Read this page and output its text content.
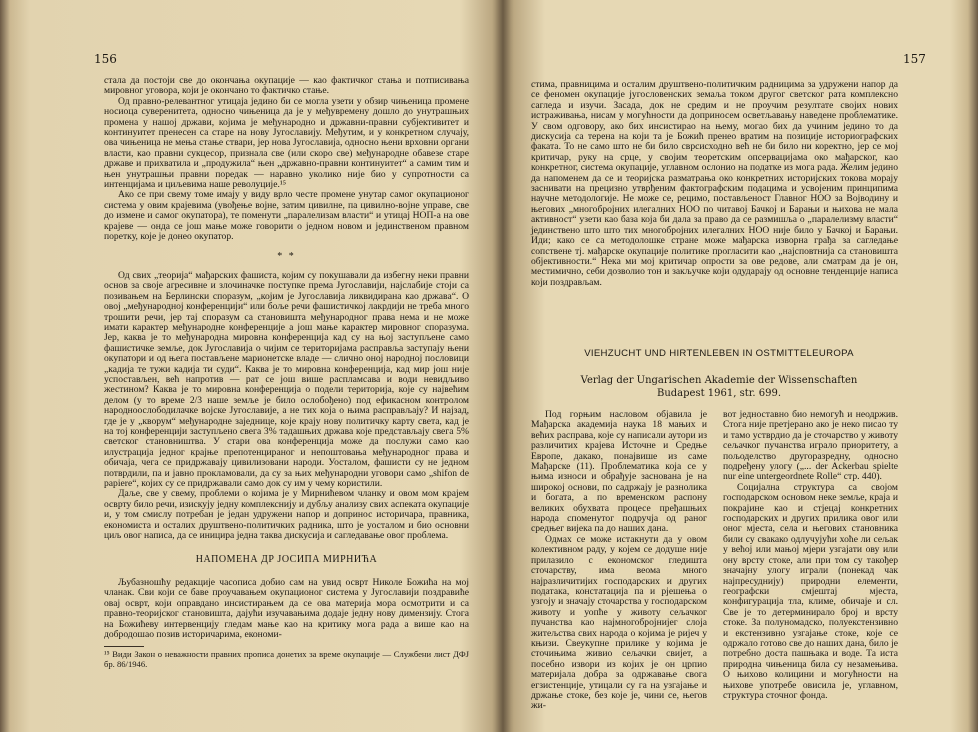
156

стала да постоји све до окончања окупације — као фактичког стања и потписивања мировног уговора, који је окончано то фактичко стање.

Од правно-релевантног утицаја једино би се могла узети у обзир чињеница промене носиоца суверенитета, односно чињеница да је у међувремену дошло до унутрашњих промена у нашој држави, којима је међународно и државни-правни субјективитет и континуитет пренесен са старе на нову Југославију. Међутим, и у конкретном случају, ова чињеница не мења стање ствари, јер нова Југославија, односно њени врховни органи власти, као правни сукцесор, признала све (или скоро све) међународне обавезе старе државе и прихватила и „продужила“ њен „државно-правни континуитет“ а самим тим и њен унутрашњи правни поредак — наравно уколико није био у супротности са интенцијама и циљевима наше револуције.¹⁵

Ако се при свему томе имају у виду врло честе промене унутар самог окупационог система у овим крајевима (увођење војне, затим цивилне, па цивилно-војне управе, све до измене и самог окупатора), те поменути „паралелизам власти“ и утицај НОП-а на ове крајеве — онда се још мање може говорити о једном новом и јединственом правном поретку, које је донео окупатор.

* *

Од свих „теорија“ мађарских фашиста, којим су покушавали да избегну неки правни основ за своје агресивне и злочиначке поступке према Југославији, најслабије стоји са позивањем на Берлински споразум, „којим је Југославија ликвидирана као држава“. О овој „међународној конференцији“ или боље речи фашистичкој лакрдији не треба много трошити речи, јер тај споразум са становишта међународног права нема и не може имати карактер међународне конференције а још мање карактер мировног споразума. Јер, каква је то међународна мировна конференција кад су на њој заступљене само фашистичке земље, док Југославија о чијим се територијама расправља заступају њени окупатори и од њега постављене марионетске владе — слично оној народној пословици „кадија те тужи кадија ти суди“. Каква је то мировна конференција, кад мир још није успостављен, већ напротив — рат се још више распламсава и води невидљиво жестином? Каква је то мировна конференција о подели територија, које су највећим делом (у то време 2/3 наше земље је било ослобођено) под ефикасном контролом народноослободилачке војске Југославије, а не тих која о њима расправљају? И најзад, где је у „кворум“ међународне заједнице, које крају нову политичку карту света, кад је на тој конференцији заступљено свега 3% тадашњих држава које представљају свега 5% светског становништва. У стари ова конференција може да послужи само као илустрација једног крајње препотенцираног и непоштовања међународног права и обичаја, чега се придржавају цивилизовани народи. Уосталом, фашисти су не једном потврдили, па и јавно прокламовали, да су за њих међународни уговори само „shifon de papiere“, којих су се придржавали само док су им у чему користили.

Даље, све у свему, проблеми о којима је у Мирнићевом чланку и овом мом крајем осврту било речи, изискују једну комплекснију и дубљу анализу свих аспеката окупације и, у том смислу потребан је један удружени напор и допринос историчара, правника, економиста и осталих друштвено-политичких радника, што је уосталом и био основни циљ овог написа, да се иницира једна таква дискусија и сагледавање овог проблема.

НАПОМЕНА ДР ЈОСИПА МИРНИЋА

Љубазношћу редакције часописа добио сам на увид осврт Николе Божића на мој чланак. Сви који се баве проучавањем окупационог система у Југославији поздравиће овај осврт, који оправдано инсистирањем да се ова материја мора осмотрити и са правно-теоријског становишта, дајући изучавањима додаје једну нову димензију. Стога на Божићеву интервенцију гледам мање као на критику мога рада а више као на добродошао позив историчарима, економи-

¹⁵ Види Закон о неважности правних прописа донетих за време окупације — Службени лист ДФЈ бр. 86/1946.

157

стима, правницима и осталим друштвено-политичким радницима за удружени напор да се феномен окупације југословенских земаља током другог светског рата комплексно сагледа и изучи. Засада, док не средим и не проучим резултате својих нових истраживања, нисам у могућности да доприносем осветљавању наведене проблематике. У свом одговору, ако бих инсистирао на њему, могао бих да учиним једино то да дискусија са терена на који та је Божић пренео вратим на позиције историографских факата. То не само што не би било сврсисходно већ не би било ни коректно, јер се мој критичар, руку на срце, у својим теоретским опсервацијама око мађарског, као конкретног, система окупације, углавном ослонио на податке из мога рада. Желим једино да напоменем да се и теоријска разматрања око конкретних историјских токова морају заснивати на прецизно утврђеним фактографским подацима и усвојеним принципима научне методологије. Не може се, рецимо, постављеност Главног НОО за Војводину и његових „многобројних илегалних НОО по читавој Бачкој и Барањи и њихова не мала активност“ узети као база која би дала за право да се размишља о „паралелизму власти“ јединствено што што тих многобројних илегалних НОО није било у Бачкој и Барањи. Иди; како се са методолошке стране може мађарска изворна грађа за сагледање сопствене тј. мађарске окупације политике прогласити као „најсповтнија са становишта објективности.“ Нека ми мој критичар опрости за ове редове, али сматрам да је он, местимично, себи дозволио тон и закључке који одударају од основне тенденције написа који поздрављам.

VIEHZUCHT UND HIRTENLEBEN IN OSTMITTELEUROPA
Verlag der Ungarischen Akademie der Wissenschaften
Budapest 1961, str. 699.

Под горњим насловом објавила је Мађарска академија наука 18 мањих и већих расправа, које су написали аутори из различитих крајева Источне и Средње Европе, дакако, понајвише из саме Мађарске (11). Проблематика којa се у њима износи и обрађује заснована је на широкој основи, по садржају је разнолика и богата, а по временском распону великих обухвата процесе пређашњих народа споменутог подручја од раног средњег вијека па до наших дана.

Одмах се може истакнути да у овом колективном раду, у којем се додуше није прилазило с економског гледишта сточарству, има веома много најразличитијих господарских и других података, констатација па и рјешења о узгоју и значају сточарства у господарском животу и уопће у животу сељачког пучанства као најмногобројнијег слоја житељства свих народа о којима је ријеч у књизи. Свеукупне прилике у којима је сточињима живио сељачки свијет, а посебно извори из којих је он црпио материјала добра за одржавање свога егзистенције, утицали су га на узгајање и држање стоке, без које је, чини се, његов жи-

вот једноставно био немогућ и неодржив. Стога није претјерано ако је неко писао ту и тамо устврдио да је сточарство у животу сељачког пучанства играло приоритету, а пољоделство другоразредну, односно подређену улогу („... der Ackerbau spielte nur eine untergeordnete Rolle“ стр. 440).

Социјална структура са својом господарском основом неке земље, краја и покрајине као и стјецај конкретних господарских и других прилика овог или оног мјеста, села и његових становника били су свакако одлучујући хоће ли сељак у већој или мањој мјери узгајати ову или ону врсту стоке, али при том су такођер значајну улогу играли (понекад чак најпресуднију) природни елементи, географски смјештај мјеста, конфигурација тла, климе, обичаје и сл. Све је то детерминирало број и врсту стоке. За полуномадско, полуекстензивно и екстензивно узгајање стоке, које се одржало готово све до наших дана, било је потребно доста пашњака и воде. Та иста природна чињеница била су незамењива. О њихово колицини и могућности на њихове употребе овисила је, углавном, структура сточног фонда.
